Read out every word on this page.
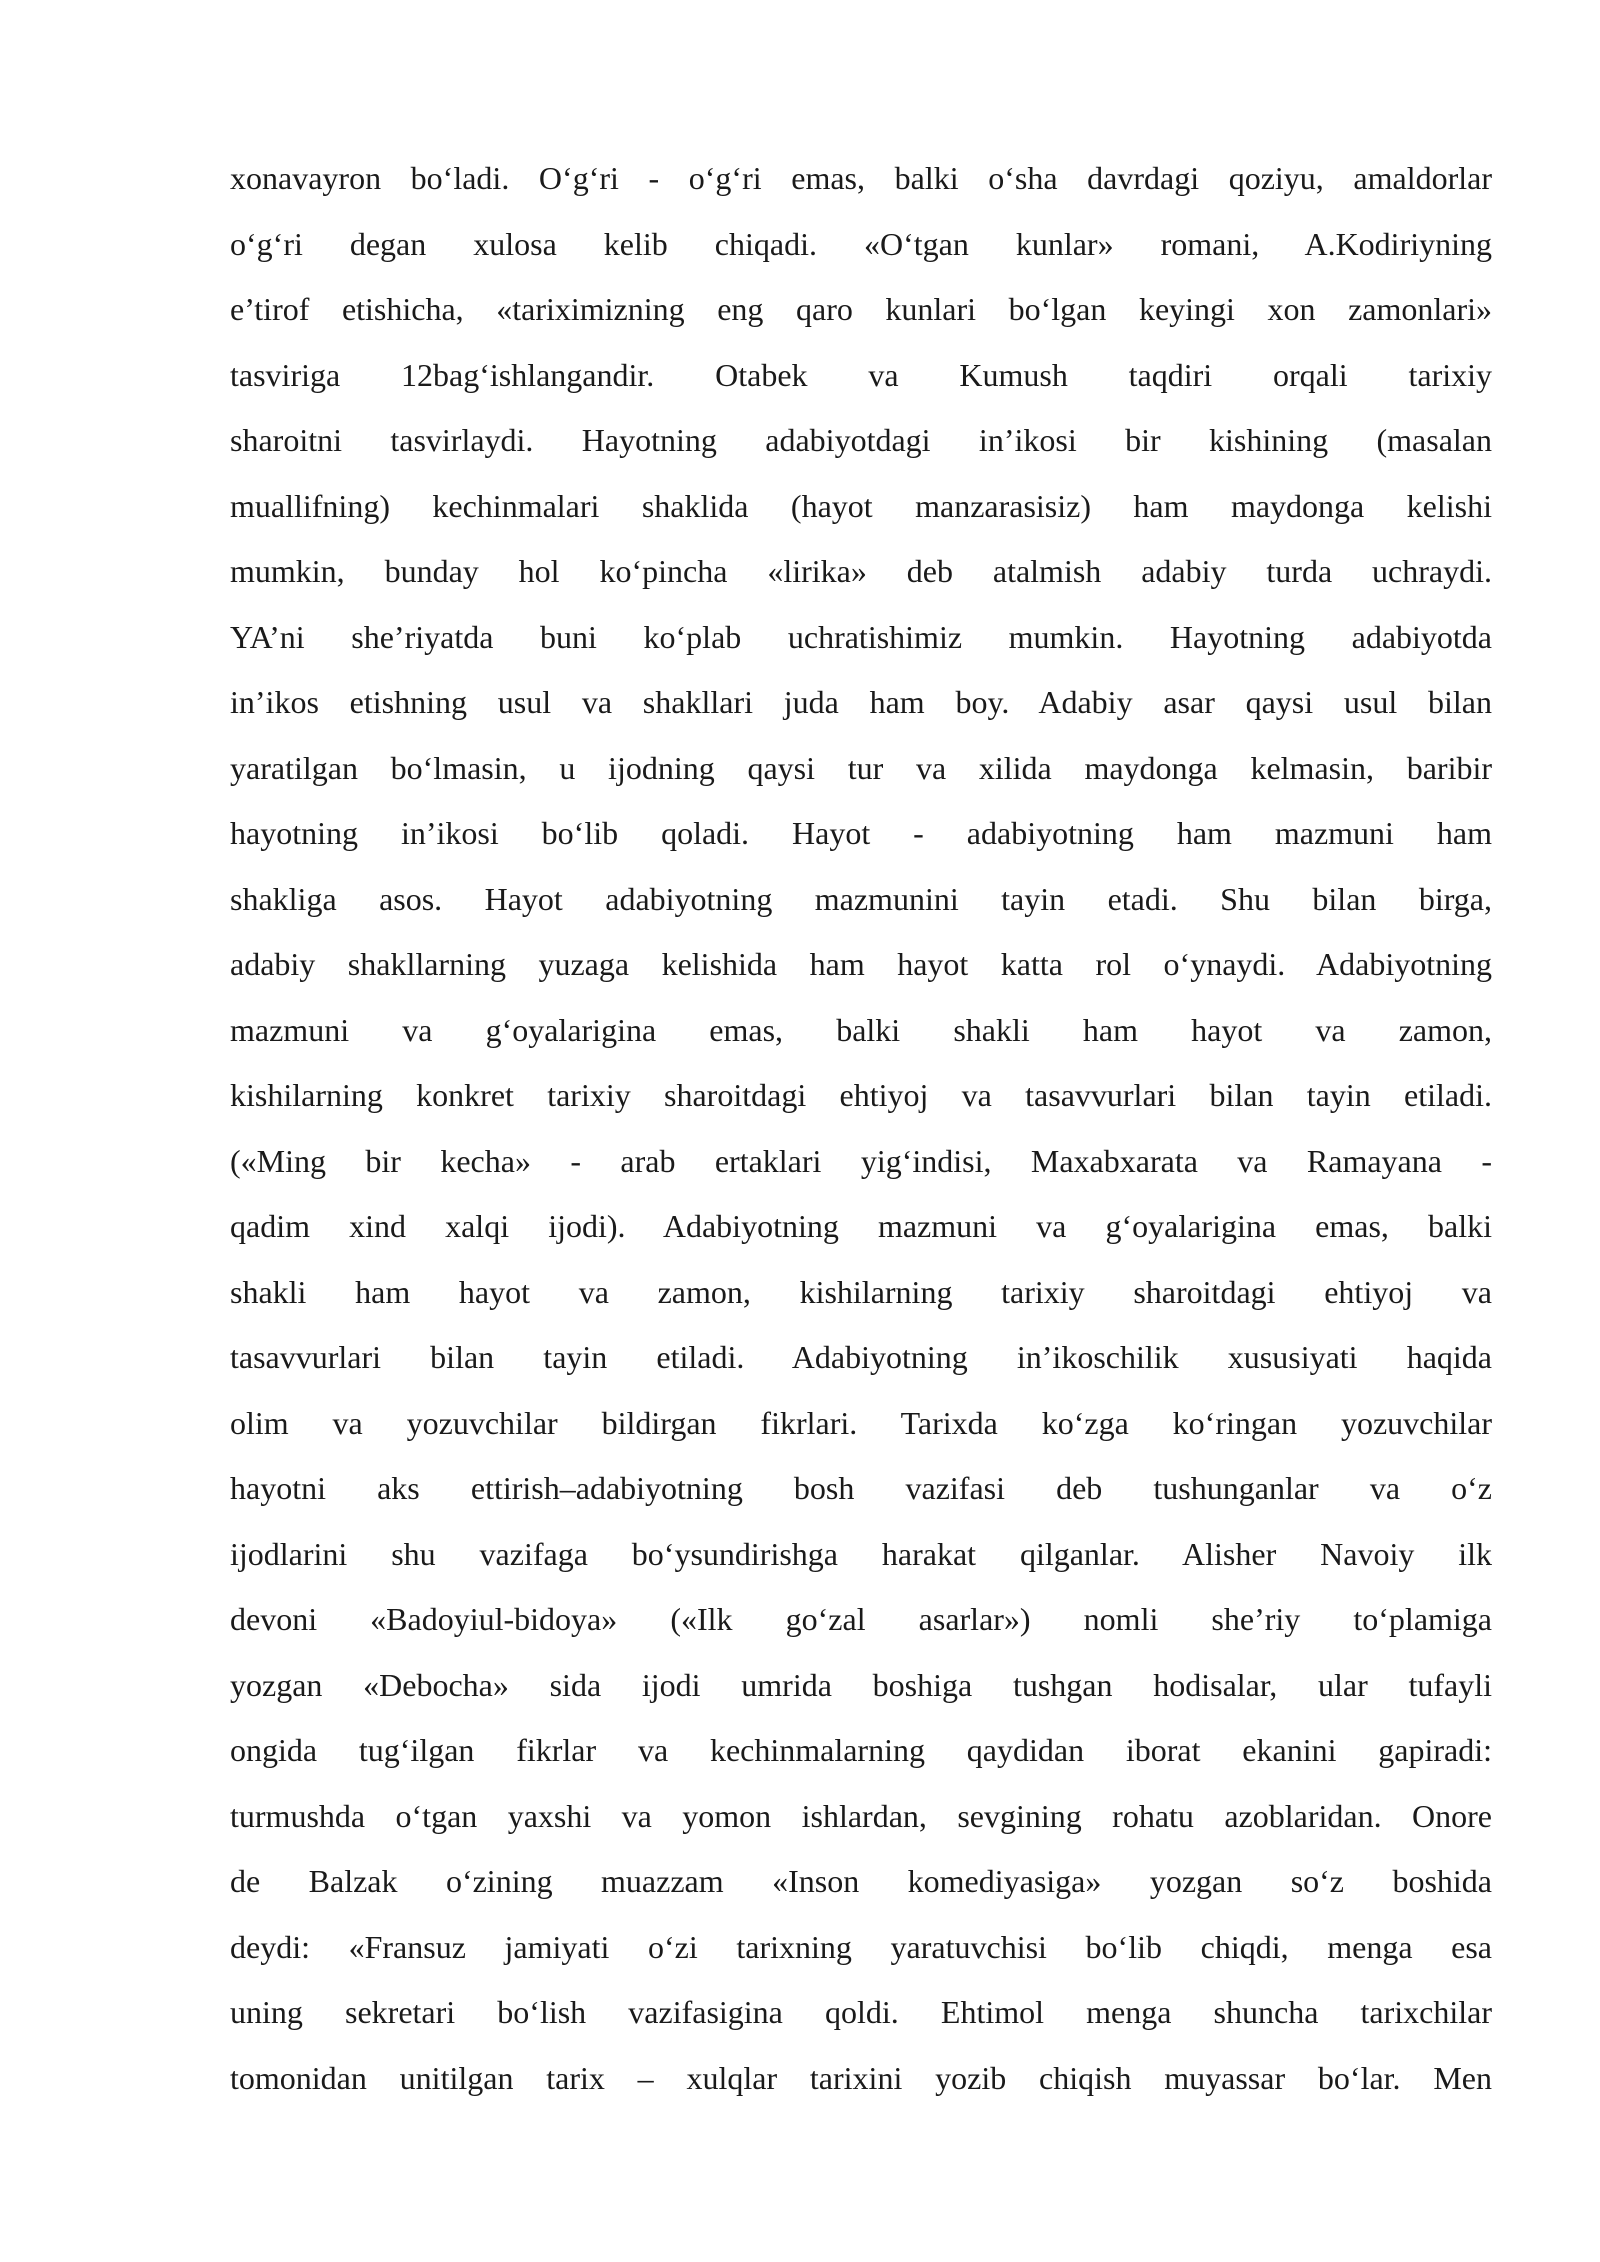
xonavayron bo‘ladi. O‘g‘ri - o‘g‘ri emas, balki o‘sha davrdagi qoziyu, amaldorlar
o‘g‘ri degan xulosa kelib chiqadi. «O‘tgan kunlar» romani, A.Kodiriyning
e’tirof etishicha, «tariximizning eng qaro kunlari bo‘lgan keyingi xon zamonlari»
tasviriga 12bag‘ishlangandir. Otabek va Kumush taqdiri orqali tarixiy
sharoitni tasvirlaydi. Hayotning adabiyotdagi in’ikosi bir kishining (masalan
muallifning) kechinmalari shaklida (hayot manzarasisiz) ham maydonga kelishi
mumkin, bunday hol ko‘pincha «lirika» deb atalmish adabiy turda uchraydi.
YA’ni she’riyatda buni ko‘plab uchratishimiz mumkin. Hayotning adabiyotda
in’ikos etishning usul va shakllari juda ham boy. Adabiy asar qaysi usul bilan
yaratilgan bo‘lmasin, u ijodning qaysi tur va xilida maydonga kelmasin, baribir
hayotning in’ikosi bo‘lib qoladi. Hayot - adabiyotning ham mazmuni ham
shakliga asos. Hayot adabiyotning mazmunini tayin etadi. Shu bilan birga,
adabiy shakllarning yuzaga kelishida ham hayot katta rol o‘ynaydi. Adabiyotning
mazmuni va g‘oyalarigina emas, balki shakli ham hayot va zamon,
kishilarning konkret tarixiy sharoitdagi ehtiyoj va tasavvurlari bilan tayin etiladi.
(«Ming bir kecha» - arab ertaklari yig‘indisi, Maxabxarata va Ramayana -
qadim xind xalqi ijodi). Adabiyotning mazmuni va g‘oyalarigina emas, balki
shakli ham hayot va zamon, kishilarning tarixiy sharoitdagi ehtiyoj va
tasavvurlari bilan tayin etiladi. Adabiyotning in’ikoschilik xususiyati haqida
olim va yozuvchilar bildirgan fikrlari. Tarixda ko‘zga ko‘ringan yozuvchilar
hayotni aks ettirish–adabiyotning bosh vazifasi deb tushunganlar va o‘z
ijodlarini shu vazifaga bo‘ysundirishga harakat qilganlar. Alisher Navoiy ilk
devoni «Badoyiul-bidoya» («Ilk go‘zal asarlar») nomli she’riy to‘plamiga
yozgan «Debocha» sida ijodi umrida boshiga tushgan hodisalar, ular tufayli
ongida tug‘ilgan fikrlar va kechinmalarning qaydidan iborat ekanini gapiradi:
turmushda o‘tgan yaxshi va yomon ishlardan, sevgining rohatu azoblaridan. Onore
de Balzak o‘zining muazzam «Inson komediyasiga» yozgan so‘z boshida
deydi: «Fransuz jamiyati o‘zi tarixning yaratuvchisi bo‘lib chiqdi, menga esa
uning sekretari bo‘lish vazifasigina qoldi. Ehtimol menga shuncha tarixchilar
tomonidan unitilgan tarix – xulqlar tarixini yozib chiqish muyassar bo‘lar. Men
